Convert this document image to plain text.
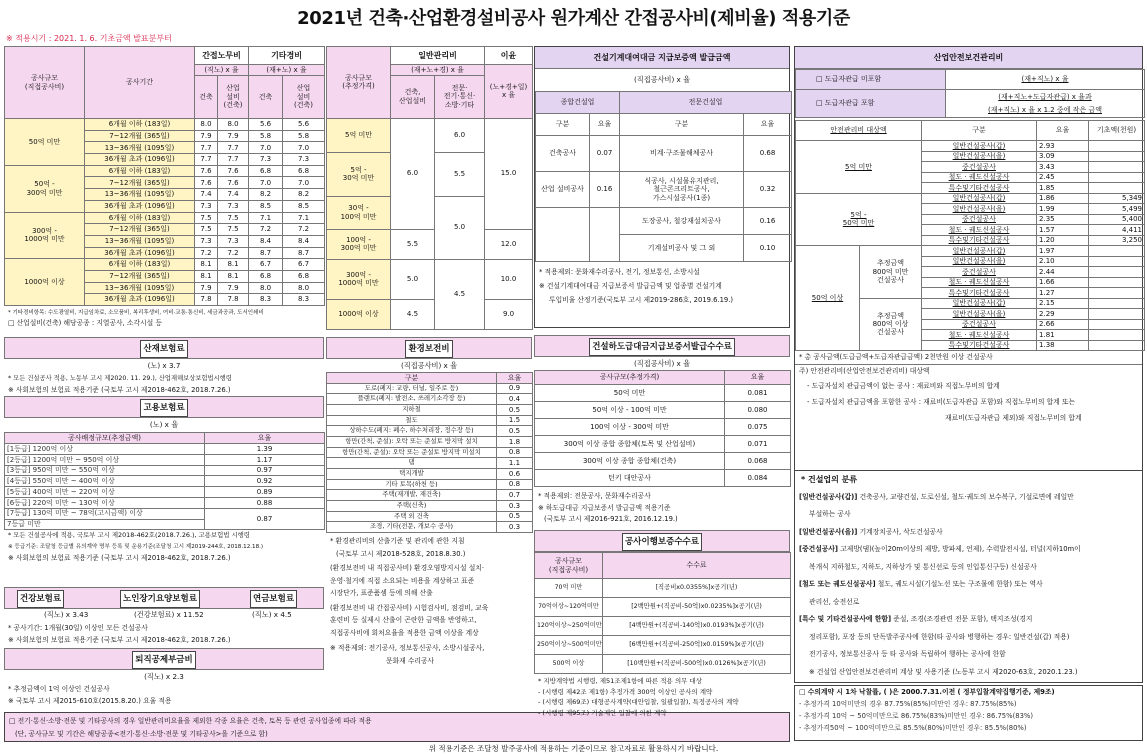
2021년 건축·산업환경설비공사 원가계산 간접공사비(제비율) 적용기준
※ 적용시기 : 2021. 1. 6. 기초금액 발표분부터
공사규모
(직접공사비)	공사기간	간접노무비		기타경비	
		(직노) x 율		(재+노) x 율	
		건축	산업
설비
(건축)	건축	산업
설비
(건축)
50억 미만	6개월 이하 (183일)	8.0	8.0	5.6	5.6
	7~12개월 (365일)	7.9	7.9	5.8	5.8
	13~36개월 (1095일)	7.7	7.7	7.0	7.0
	36개월 초과 (1096일)	7.7	7.7	7.3	7.3
50억 -
300억 미만	6개월 이하 (183일)	7.6	7.6	6.8	6.8
	7~12개월 (365일)	7.6	7.6	7.0	7.0
	13~36개월 (1095일)	7.4	7.4	8.2	8.2
	36개월 초과 (1096일)	7.3	7.3	8.5	8.5
300억 -
1000억 미만	6개월 이하 (183일)	7.5	7.5	7.1	7.1
	7~12개월 (365일)	7.5	7.5	7.2	7.2
	13~36개월 (1095일)	7.3	7.3	8.4	8.4
	36개월 초과 (1096일)	7.2	7.2	8.7	8.7
1000억 이상	6개월 이하 (183일)	8.1	8.1	6.7	6.7
	7~12개월 (365일)	8.1	8.1	6.8	6.8
	13~36개월 (1095일)	7.9	7.9	8.0	8.0
	36개월 초과 (1096일)	7.8	7.8	8.3	8.3
* 기타경비항목: 수도광열비, 지급임차료, 소모품비, 복리후생비, 여비·교통·통신비, 세금과공과, 도서인쇄비
□ 산업설비(건축) 해당공종 : 지열공사, 소각시설 등
공사규모
(추정가격)	일반관리비		이윤
	(재+노+경) x 율		(노+경+일)
x 율
	건축,
산업설비	전문·
전기·통신·
소방·기타	
5억 미만	6.0	6.0	15.0
5억 -
30억 미만		5.5	
30억 -
100억 미만		5.0	
100억 -
300억 미만	5.5		12.0
300억 -
1000억 미만	5.0	4.5	10.0
1000억 이상	4.5		9.0
건설기계대여대금 지급보증액 발급금액
(직접공사비) x 율
종합건설업		전문건설업	
구분	요율	구분	요율
건축공사	0.07	비계·구조물해체공사	0.68
산업 설비공사	0.16	식공사, 시설물유지관리,
철근콘크리트공사,
가스시설공사(1종)	0.32
		도장공사, 철강재설치공사	0.16
		기계설비공사 및 그 외	0.10
* 적용제외: 문화재수리공사, 전기, 정보통신, 소방시설
※ 건설기계대여대금 지급보증서 발급금액 및 업종별 건설기계
투입비율 산정기준(국토부 고시 제2019-286호, 2019.6.19.)
산업안전보건관리비
□ 도급자관급 미포함	(재+직노) x 율
□ 도급자관급 포함	(재+직노+도급자관급) x 율과
	(재+직노) x 율 x 1.2 중에 작은 금액
안전관리비 대상액		구분	요율	기초액(천원)
5억 미만		일반건설공사(갑)	2.93	
		일반건설공사(을)	3.09	
		중건설공사	3.43	
		철도 · 궤도신설공사	2.45	
		특수및기타건설공사	1.85	
5억 -
50억 미만		일반건설공사(갑)	1.86	5,349
		일반건설공사(을)	1.99	5,499
		중건설공사	2.35	5,400
		철도 · 궤도신설공사	1.57	4,411
		특수및기타건설공사	1.20	3,250
50억 이상	추정금액
800억 미만
건설공사	일반건설공사(갑)	1.97	
		일반건설공사(을)	2.10	
		중건설공사	2.44	
		철도 · 궤도신설공사	1.66	
		특수및기타건설공사	1.27	
	추정금액
800억 이상
건설공사	일반건설공사(갑)	2.15	
		일반건설공사(을)	2.29	
		중건설공사	2.66	
		철도 · 궤도신설공사	1.81	
		특수및기타건설공사	1.38	
* 총 공사금액(도급금액+도급자관급금액) 2천만원 이상 건설공사
주) 안전관리비(산업안전보건관리비) 대상액
- 도급자설치 관급금액이 없는 공사 : 재료비와 직접노무비의 합계
- 도급자설치 관급금액을 포함한 공사 : 재료비(도급자관급 포함)와 직접노무비의 합계 또는
재료비(도급자관급 제외)와 직접노무비의 합계
* 건설업의 분류
[일반건설공사(갑)] 건축공사, 교량건설, 도로신설, 철도·궤도의 보수복구, 기설로면에 레일만
부설하는 공사
[일반건설공사(을)] 기계장치공사, 삭도건설공사
[중건설공사] 고제방(댐)(높이20m이상의 제방, 방파제, 언제), 수력발전시설, 터널(지하10m이
복개식 지하철도, 지하도, 지하상가 및 통신선로 등의 인입통신구등) 신설공사
[철도 또는 궤도신설공사] 철도, 궤도시설(기설노선 또는 구조물에 한함) 또는 역사
관리선, 승전선로
[특수 및 기타건설공사에 한함] 준설, 조경(조경관련 전문 포함), 택지조성(경지
정리포함), 포장 등의 단독발주공사에 한함(타 공사와 병행하는 경우: 일반건설(갑) 적용)
전기공사, 정보통신공사 등 타 공사와 독립하여 행하는 공사에 한함
※ 건설업 산업안전보건관리비 계상 및 사용기준 (노동부 고시 제2020-63호, 2020.1.23.)
□ 수의계약 시 1차 낙찰률, ( )은 2000.7.31.이전 ( 정부입찰계약집행기준, 제9조)
- 추정가격 10억미만의 경우 87.75%(85%)미만인 경우: 87.75%(85%)
- 추정가격 10억 ~ 50억미만으로 86.75%(83%)미만인 경우: 86.75%(83%)
- 추정가격50억 ~ 100억미만으로 85.5%(80%)미만인 경우: 85.5%(80%)
산재보험료
(노) x 3.7
* 모든 건설공사 적용, 노동부 고시 제2020. 11. 29.), 산업재해보상보험법시행령
※ 사회보험의 보험료 적용기준 (국토부 고시 제2018-462호, 2018.7.26.)
고용보험료
(노) x 율
공사배정규모(추정금액)	요율
[1등급] 1200억 이상	1.39
[2등급] 1200억 미만 ~ 950억 이상	1.17
[3등급] 950억 미만 ~ 550억 이상	0.97
[4등급] 550억 미만 ~ 400억 이상	0.92
[5등급] 400억 미만 ~ 220억 이상	0.89
[6등급] 220억 미만 ~ 130억 이상	0.88
[7등급] 130억 미만 ~ 78억(고시금액) 이상	0.87
7등급 미만	
* 모든 건설공사에 적용, 국토부 고시 제2018-462호(2018.7.26.), 고용보험법 시행령
※ 등급기준: 조달청 등급별 유의계약 명부 등록 및 운용기준(조달청 고시 제2019-244호, 2018.12.18.)
※ 사회보험의 보험료 적용기준 (국토부 고시 제2018-462호, 2018.7.26.)
건강보험료	노인장기요양보험료	연금보험료
(직노) x 3.43	(건강보험료) x 11.52	(직노) x 4.5
* 공사기간: 1개월(30일) 이상인 모든 건설공사
※ 사회보험의 보험료 적용기준 (국토부 고시 제2018-462호, 2018.7.26.)
퇴직공제부금비
(직노) x 2.3
* 추정금액이 1억 이상인 건설공사
※ 국토부 고시 제2015-610호(2015.8.20.) 요율 적용
□ 전기·통신·소방·전문 및 기타공사의 경우 일반관리비요율을 제외한 각종 요율은 건축, 토목 등 관련 공사업종에 따라 적용
(단, 공사규모 및 기간은 해당공종<전기·통신·소방·전문 및 기타공사>을 기준으로 함)
환경보전비
(직접공사비) x 율
구분	요율
도로(폐지: 교량, 터널, 일주로 등)	0.9
플랜트(폐지: 발전소, 쓰레기소각장 등)	0.4
지하철	0.5
철도	1.5
상하수도(폐지: 폐수, 하수처리장, 정수장 등)	0.5
항만(간척, 준설): 오탁 또는 준설토 방지막 설치	1.8
항만(간척, 준설): 오탁 또는 준설토 방지막 미설치	0.8
댐	1.1
택지개발	0.6
기타 토목(하천 등)	0.8
주택(재개발, 재건축)	0.7
주택(신축)	0.3
주택 외 건축	0.5
조경, 기타(전문, 개보수 공사)	0.3
* 환경관리비의 산출기준 및 관리에 관한 지침
(국토부 고시 제2018-528호, 2018.8.30.)
(환경보전비 내 직접공사비) 환경오염방지시설 설치·
운영·철거에 직접 소요되는 비용을 계상하고 표준
시장단가, 표준품셈 등에 의해 산출
(환경보전비 내 간접공사비) 시험검사비, 점검비, 교육
훈련비 등 실제시 산출이 곤란한 금액을 반영하고,
직접공사비에 회처요율을 적용한 금액 이상을 계상
※ 적용제외: 전기공사, 정보통신공사, 소방시설공사,
문화재 수리공사
건설하도급대금지급보증서발급수수료
(직접공사비) x 율
공사규모(추정가격)	요율
50억 미만	0.081
50억 이상 - 100억 미만	0.080
100억 이상 - 300억 미만	0.075
300억 이상 종합 종합체(토목 및 산업설비)	0.071
300억 이상 종합 종합체(건축)	0.068
턴키 대안공사	0.084
* 적용제외: 전문공사, 문화재수리공사
※ 하도급대금 지급보증서 발급금액 적용기준
(국토부 고시 제2016-921호, 2016.12.19.)
공사이행보증수수료
공사규모
(직접공사비)	수수료
70억 미만	[직공비x0.0355%]x공기(년)
70억이상~120억미만	[2백만원+(직공비-50억)x0.0235%]x공기(년)
120억이상~250억미만	[4백만원+(직공비-140억)x0.0193%]x공기(년)
250억이상~500억미만	[6백만원+(직공비-250억)x0.0159%]x공기(년)
500억 이상	[10백만원+(직공비-500억)x0.0126%]x공기(년)
* 지방계약법 시행령, 제51조제1항에 따른 적용 의무 대상
- (시행령 제42조 제1항) 추정가격 300억 이상인 공사의 계약
- (시행령 제69조) 대형공사계약(대안입찰, 일괄입찰), 특정공사의 계약
- (시행령 제95조) 기술제안 입찰에 의한 계약
위 적용기준은 조달청 발주공사에 적용하는 기준이므로 참고자료로 활용하시기 바랍니다.
